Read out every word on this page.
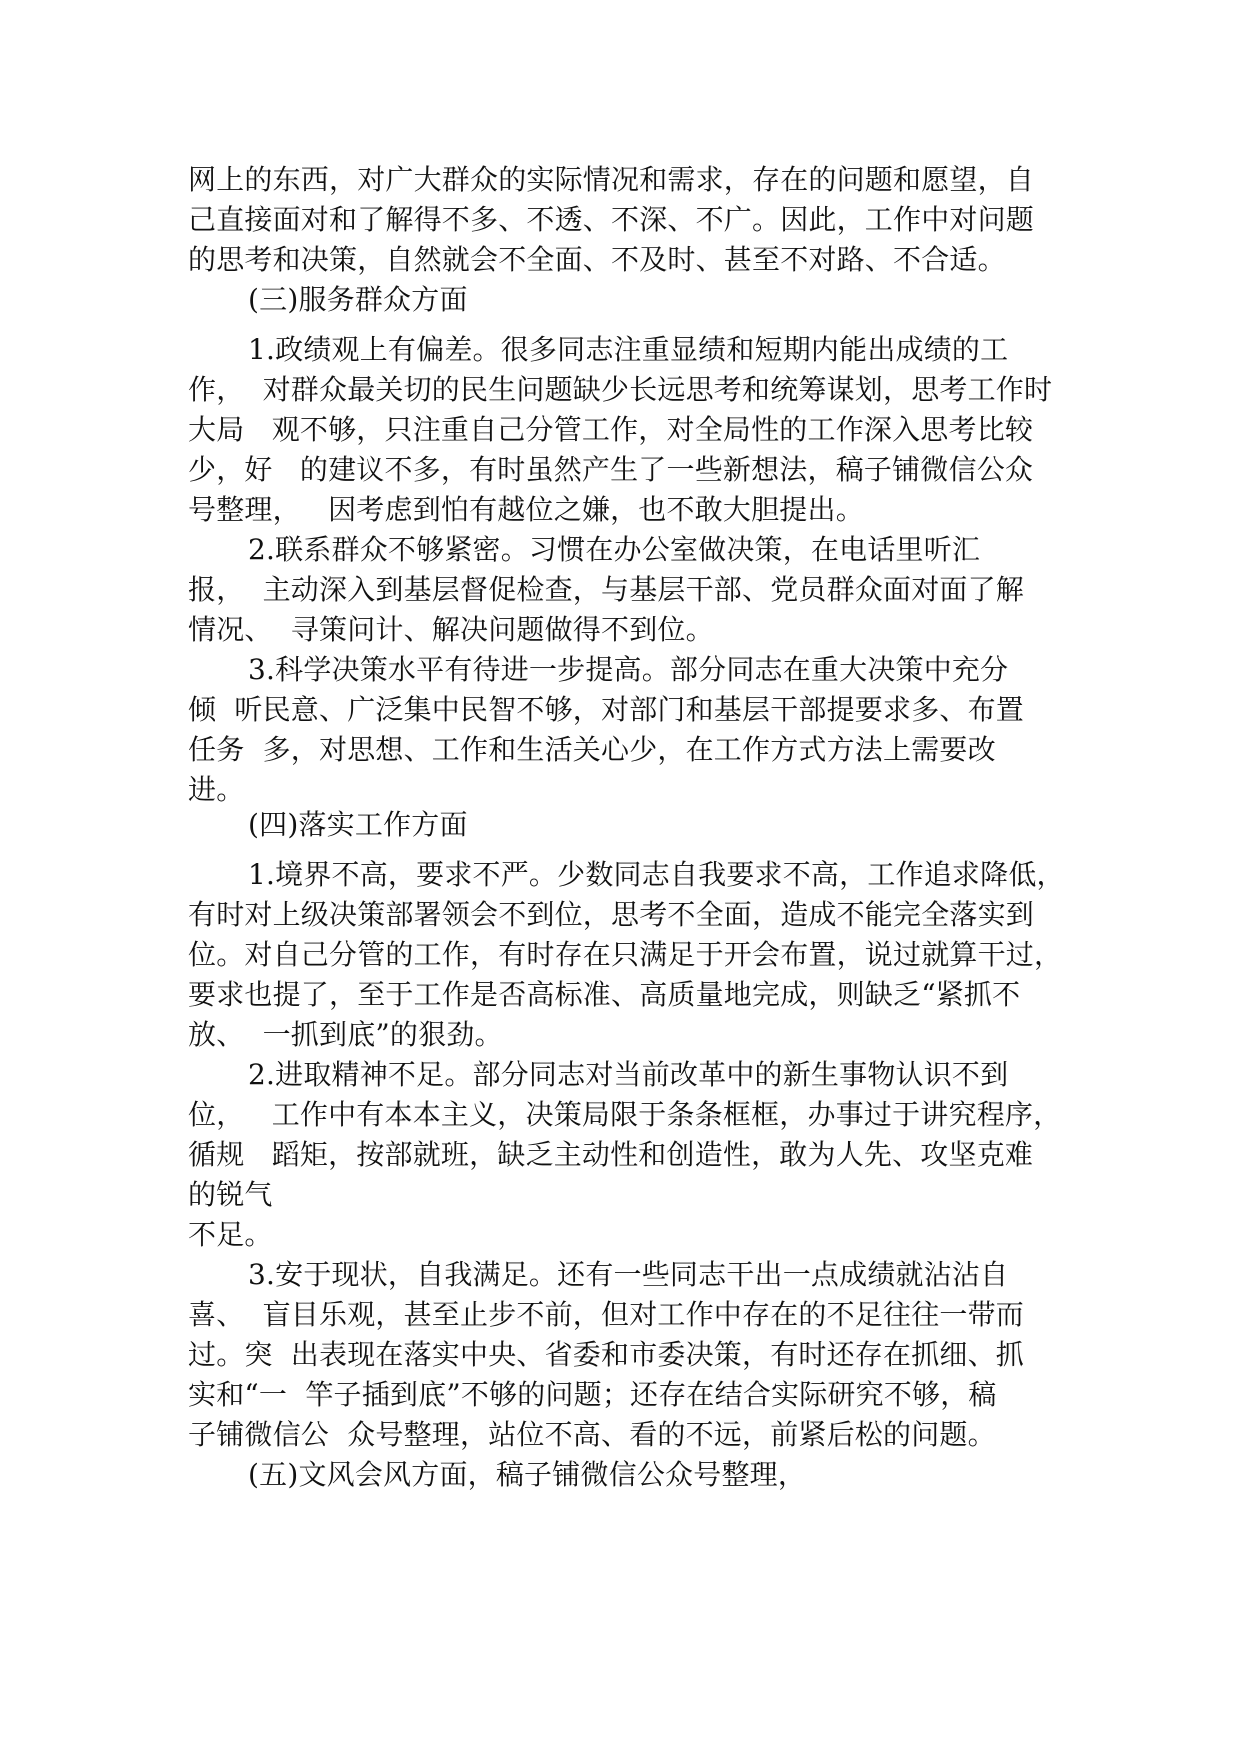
网上的东西，对广大群众的实际情况和需求，存在的问题和愿望，自
己直接面对和了解得不多、不透、不深、不广。因此，工作中对问题
的思考和决策，自然就会不全面、不及时、甚至不对路、不合适。
(三)服务群众方面
1.政绩观上有偏差。很多同志注重显绩和短期内能出成绩的工
作，  对群众最关切的民生问题缺少长远思考和统筹谋划，思考工作时
大局   观不够，只注重自己分管工作，对全局性的工作深入思考比较
少，好   的建议不多，有时虽然产生了一些新想法，稿子铺微信公众
号整理，   因考虑到怕有越位之嫌，也不敢大胆提出。
2.联系群众不够紧密。习惯在办公室做决策，在电话里听汇
报，  主动深入到基层督促检查，与基层干部、党员群众面对面了解
情况、  寻策问计、解决问题做得不到位。
3.科学决策水平有待进一步提高。部分同志在重大决策中充分
倾  听民意、广泛集中民智不够，对部门和基层干部提要求多、布置
任务  多，对思想、工作和生活关心少，在工作方式方法上需要改
进。
(四)落实工作方面
1.境界不高，要求不严。少数同志自我要求不高，工作追求降低，
有时对上级决策部署领会不到位，思考不全面，造成不能完全落实到
位。对自己分管的工作，有时存在只满足于开会布置，说过就算干过，
要求也提了，至于工作是否高标准、高质量地完成，则缺乏“紧抓不
放、  一抓到底”的狠劲。
2.进取精神不足。部分同志对当前改革中的新生事物认识不到
位，   工作中有本本主义，决策局限于条条框框，办事过于讲究程序，
循规   蹈矩，按部就班，缺乏主动性和创造性，敢为人先、攻坚克难
的锐气
不足。
3.安于现状，自我满足。还有一些同志干出一点成绩就沾沾自
喜、  盲目乐观，甚至止步不前，但对工作中存在的不足往往一带而
过。突  出表现在落实中央、省委和市委决策，有时还存在抓细、抓
实和“一  竿子插到底”不够的问题；还存在结合实际研究不够，稿
子铺微信公  众号整理，站位不高、看的不远，前紧后松的问题。
(五)文风会风方面，稿子铺微信公众号整理，
